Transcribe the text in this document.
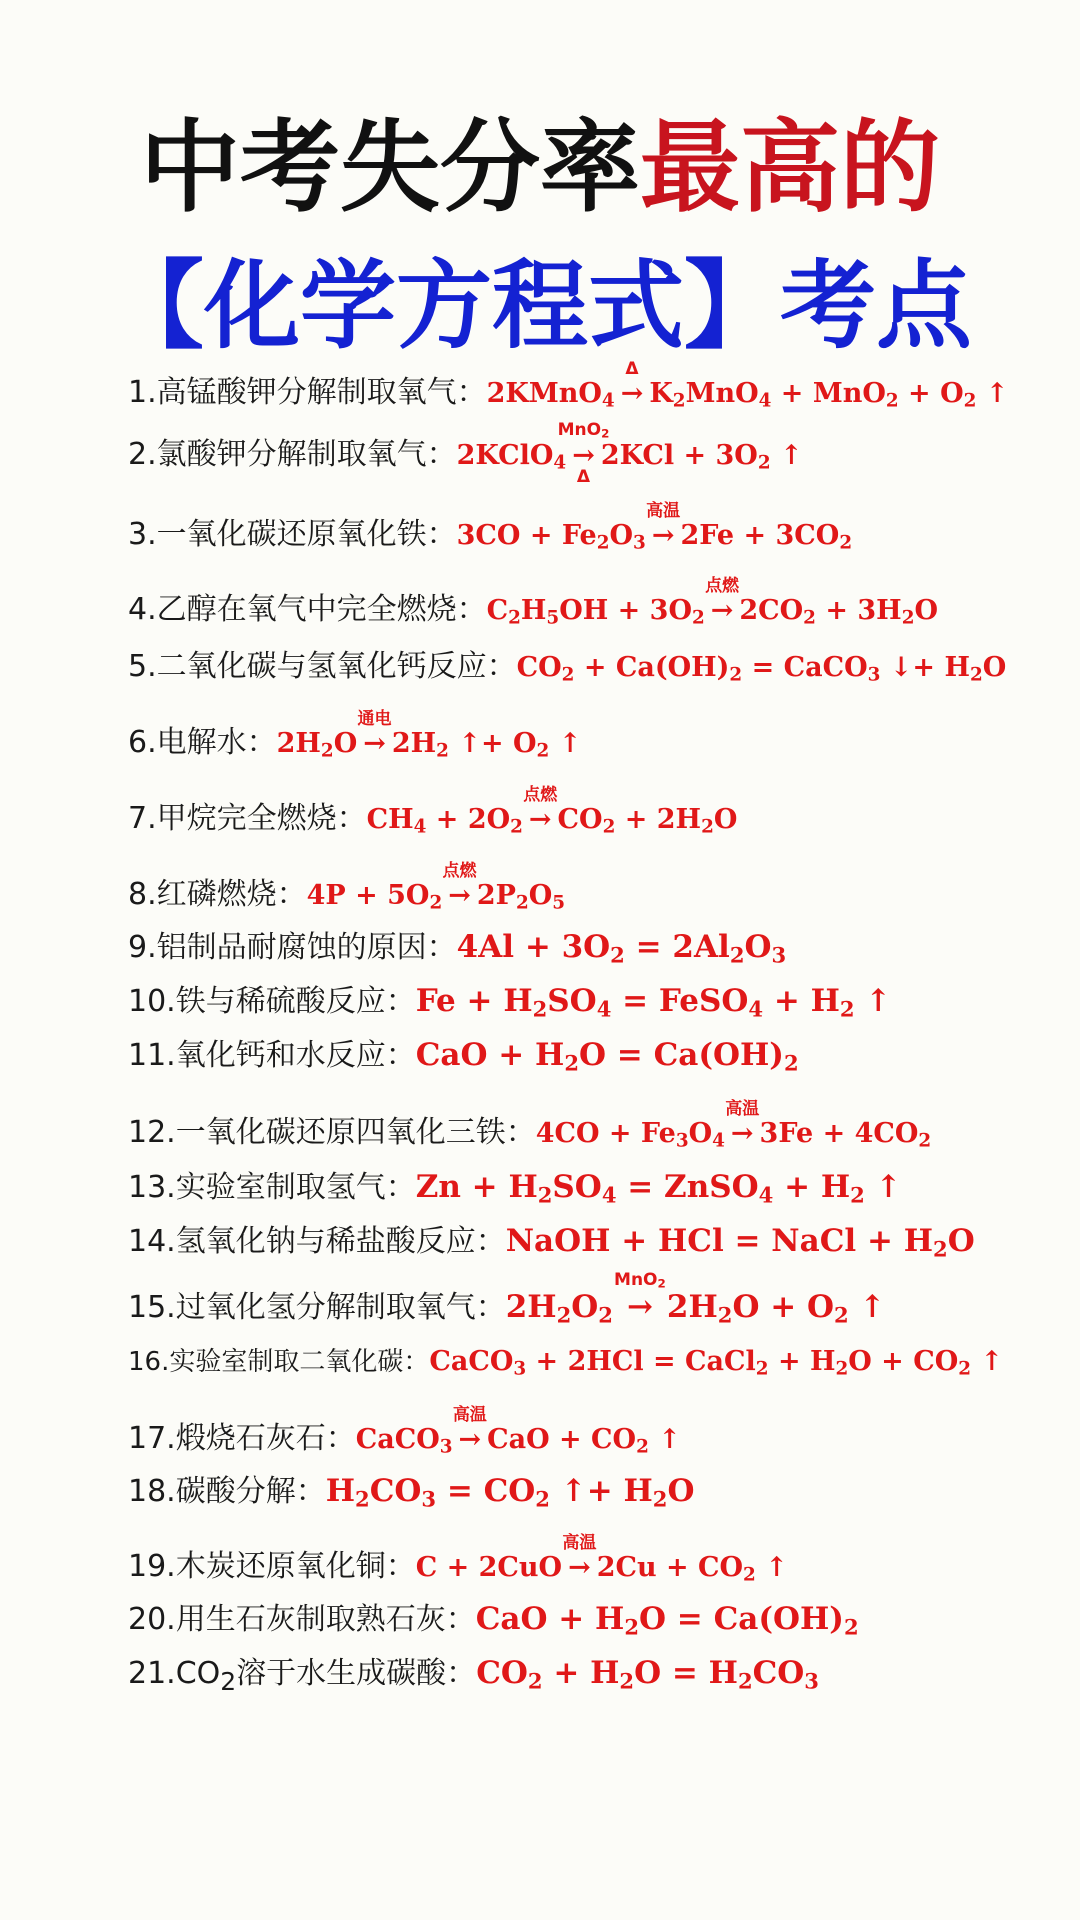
中考失分率最高的
【化学方程式】考点
1.高锰酸钾分解制取氧气：2KMnO$_4$
Δ
→ $K_2MnO_4 + MnO_2 + O_2$ ↑
2.氯酸钾分解制取氧气：2KClO$_4$
MnO$_2$
→
Δ
$2KCl + 3O_2$ ↑
3.一氧化碳还原氧化铁：$3CO + Fe_2O_3$
高温
→ $2Fe + 3CO_2$
4.乙醇在氧气中完全燃烧：$C_2H_5OH + 3O_2$
点燃
→ $2CO_2 + 3H_2O$
5.二氧化碳与氢氧化钙反应：$CO_2 + Ca(OH)_2$ = CaCO$_3$ ↓+ $H_2O$
6.电解水：$2H_2O$
通电
→ $2H_2$ ↑+ $O_2$ ↑
7.甲烷完全燃烧：$CH_4 + 2O_2$
点燃
→ $CO_2 + 2H_2O$
8.红磷燃烧：$4P + 5O_2$
点燃
→ $2P_2O_5$
9.铝制品耐腐蚀的原因：$4Al + 3O_2 = 2Al_2O_3$
10.铁与稀硫酸反应：$Fe + H_2SO_4$ = FeSO$_4$ + $H_2$ ↑
11.氧化钙和水反应：CaO + $H_2O = Ca(OH)_2$
12.一氧化碳还原四氧化三铁：$4CO + Fe_3O_4$
高温
→ $3Fe + 4CO_2$
13.实验室制取氢气：$Zn + H_2SO_4$ = ZnSO$_4$ + $H_2$ ↑
14.氢氧化钠与稀盐酸反应：NaOH + HCl = NaCl + $H_2O$
15.过氧化氢分解制取氧气：$2H_2O_2$
MnO$_2$
→ $2H_2O + O_2$ ↑
16.实验室制取二氧化碳：CaCO$_3$ + 2HCl = CaCl$_2$ + $H_2O + CO_2$ ↑
17.煅烧石灰石：CaCO$_3$
高温
→ CaO + $CO_2$ ↑
18.碳酸分解：$H_2CO_3 = CO_2$ ↑+ $H_2O$
19.木炭还原氧化铜：C + 2CuO
高温
→ $2Cu + CO_2$ ↑
20.用生石灰制取熟石灰：CaO + $H_2O = Ca(OH)_2$
$21.CO_2$溶于水生成碳酸：$CO_2 + H_2O = H_2CO_3$
